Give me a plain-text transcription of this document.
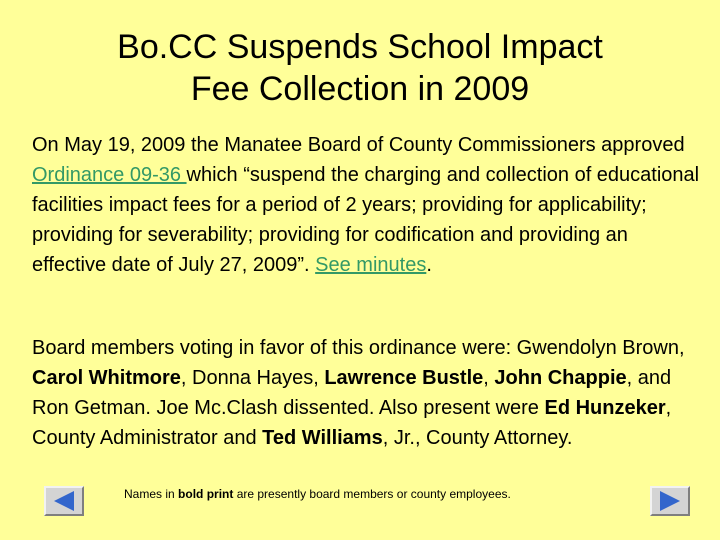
Bo.CC Suspends School Impact
Fee Collection in 2009

On May 19, 2009 the Manatee Board of County Commissioners approved Ordinance 09-36 which “suspend the charging and collection of educational facilities impact fees for a period of 2 years; providing for applicability; providing for severability; providing for codification and providing an effective date of July 27, 2009”. See minutes.

Board members voting in favor of this ordinance were: Gwendolyn Brown, Carol Whitmore, Donna Hayes, Lawrence Bustle, John Chappie, and Ron Getman. Joe Mc.Clash dissented. Also present were Ed Hunzeker, County Administrator and Ted Williams, Jr., County Attorney.

Names in bold print are presently board members or county employees.
